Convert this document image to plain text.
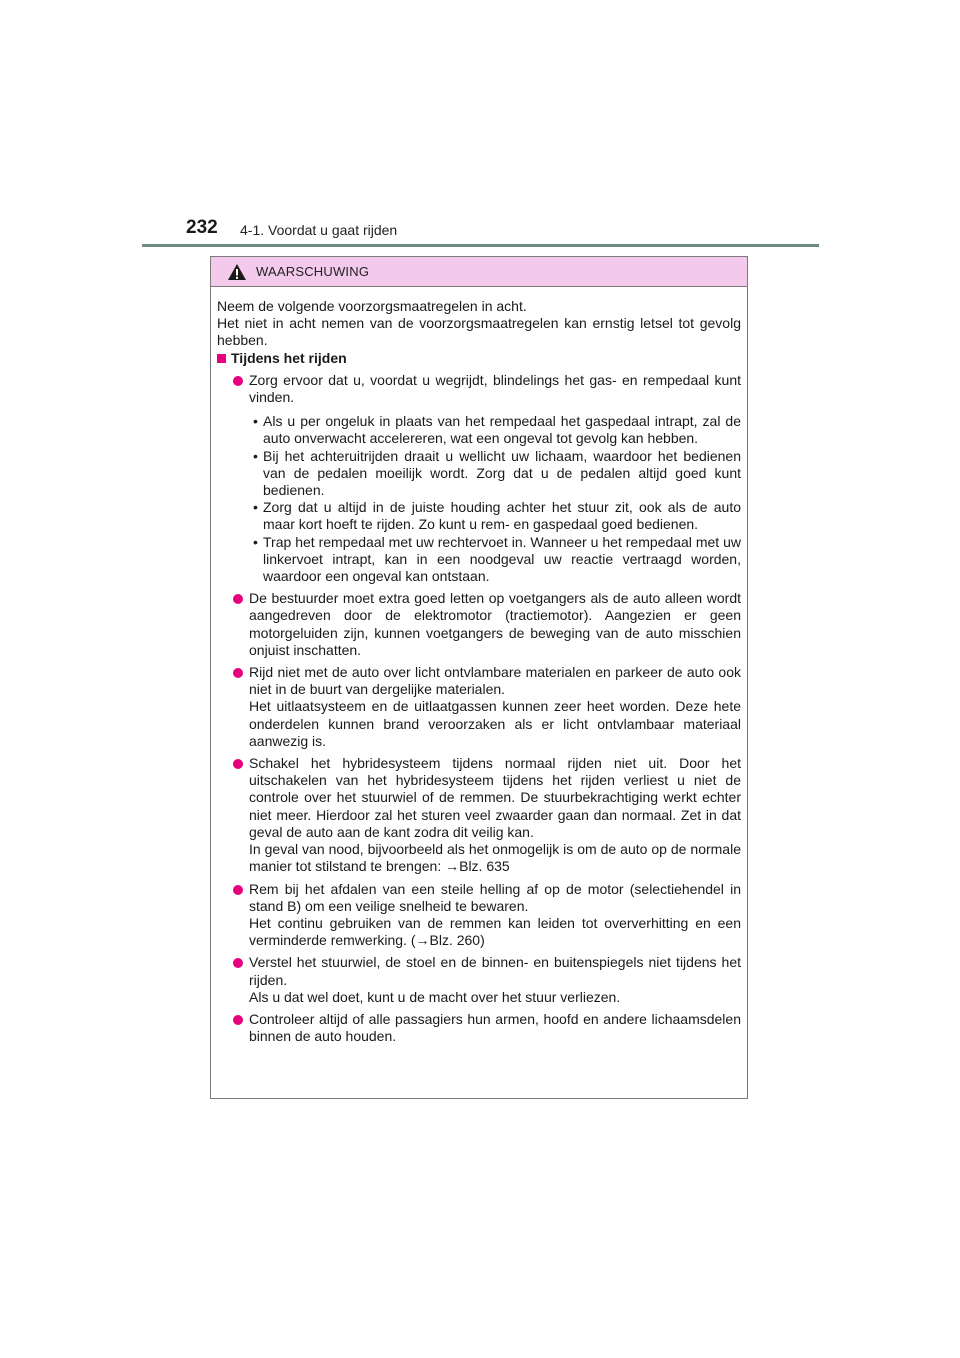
232 4-1. Voordat u gaat rijden
WAARSCHUWING

Neem de volgende voorzorgsmaatregelen in acht.

Het niet in acht nemen van de voorzorgsmaatregelen kan ernstig letsel tot gevolg hebben.

Tijdens het rijden

Zorg ervoor dat u, voordat u wegrijdt, blindelings het gas- en rempedaal kunt vinden.

• Als u per ongeluk in plaats van het rempedaal het gaspedaal intrapt, zal de auto onverwacht accelereren, wat een ongeval tot gevolg kan hebben.

• Bij het achteruitrijden draait u wellicht uw lichaam, waardoor het bedienen van de pedalen moeilijk wordt. Zorg dat u de pedalen altijd goed kunt bedienen.

• Zorg dat u altijd in de juiste houding achter het stuur zit, ook als de auto maar kort hoeft te rijden. Zo kunt u rem- en gaspedaal goed bedienen.

• Trap het rempedaal met uw rechtervoet in. Wanneer u het rempedaal met uw linkervoet intrapt, kan in een noodgeval uw reactie vertraagd worden, waardoor een ongeval kan ontstaan.

De bestuurder moet extra goed letten op voetgangers als de auto alleen wordt aangedreven door de elektromotor (tractiemotor). Aangezien er geen motorgeluiden zijn, kunnen voetgangers de beweging van de auto misschien onjuist inschatten.

Rijd niet met de auto over licht ontvlambare materialen en parkeer de auto ook niet in de buurt van dergelijke materialen.

Het uitlaatsysteem en de uitlaatgassen kunnen zeer heet worden. Deze hete onderdelen kunnen brand veroorzaken als er licht ontvlambaar materiaal aanwezig is.

Schakel het hybridesysteem tijdens normaal rijden niet uit. Door het uitschakelen van het hybridesysteem tijdens het rijden verliest u niet de controle over het stuurwiel of de remmen. De stuurbekrachtiging werkt echter niet meer. Hierdoor zal het sturen veel zwaarder gaan dan normaal. Zet in dat geval de auto aan de kant zodra dit veilig kan.

In geval van nood, bijvoorbeeld als het onmogelijk is om de auto op de normale manier tot stilstand te brengen: →Blz. 635

Rem bij het afdalen van een steile helling af op de motor (selectiehendel in stand B) om een veilige snelheid te bewaren.

Het continu gebruiken van de remmen kan leiden tot oververhitting en een verminderde remwerking. (→Blz. 260)

Verstel het stuurwiel, de stoel en de binnen- en buitenspiegels niet tijdens het rijden.

Als u dat wel doet, kunt u de macht over het stuur verliezen.

Controleer altijd of alle passagiers hun armen, hoofd en andere lichaamsdelen binnen de auto houden.
